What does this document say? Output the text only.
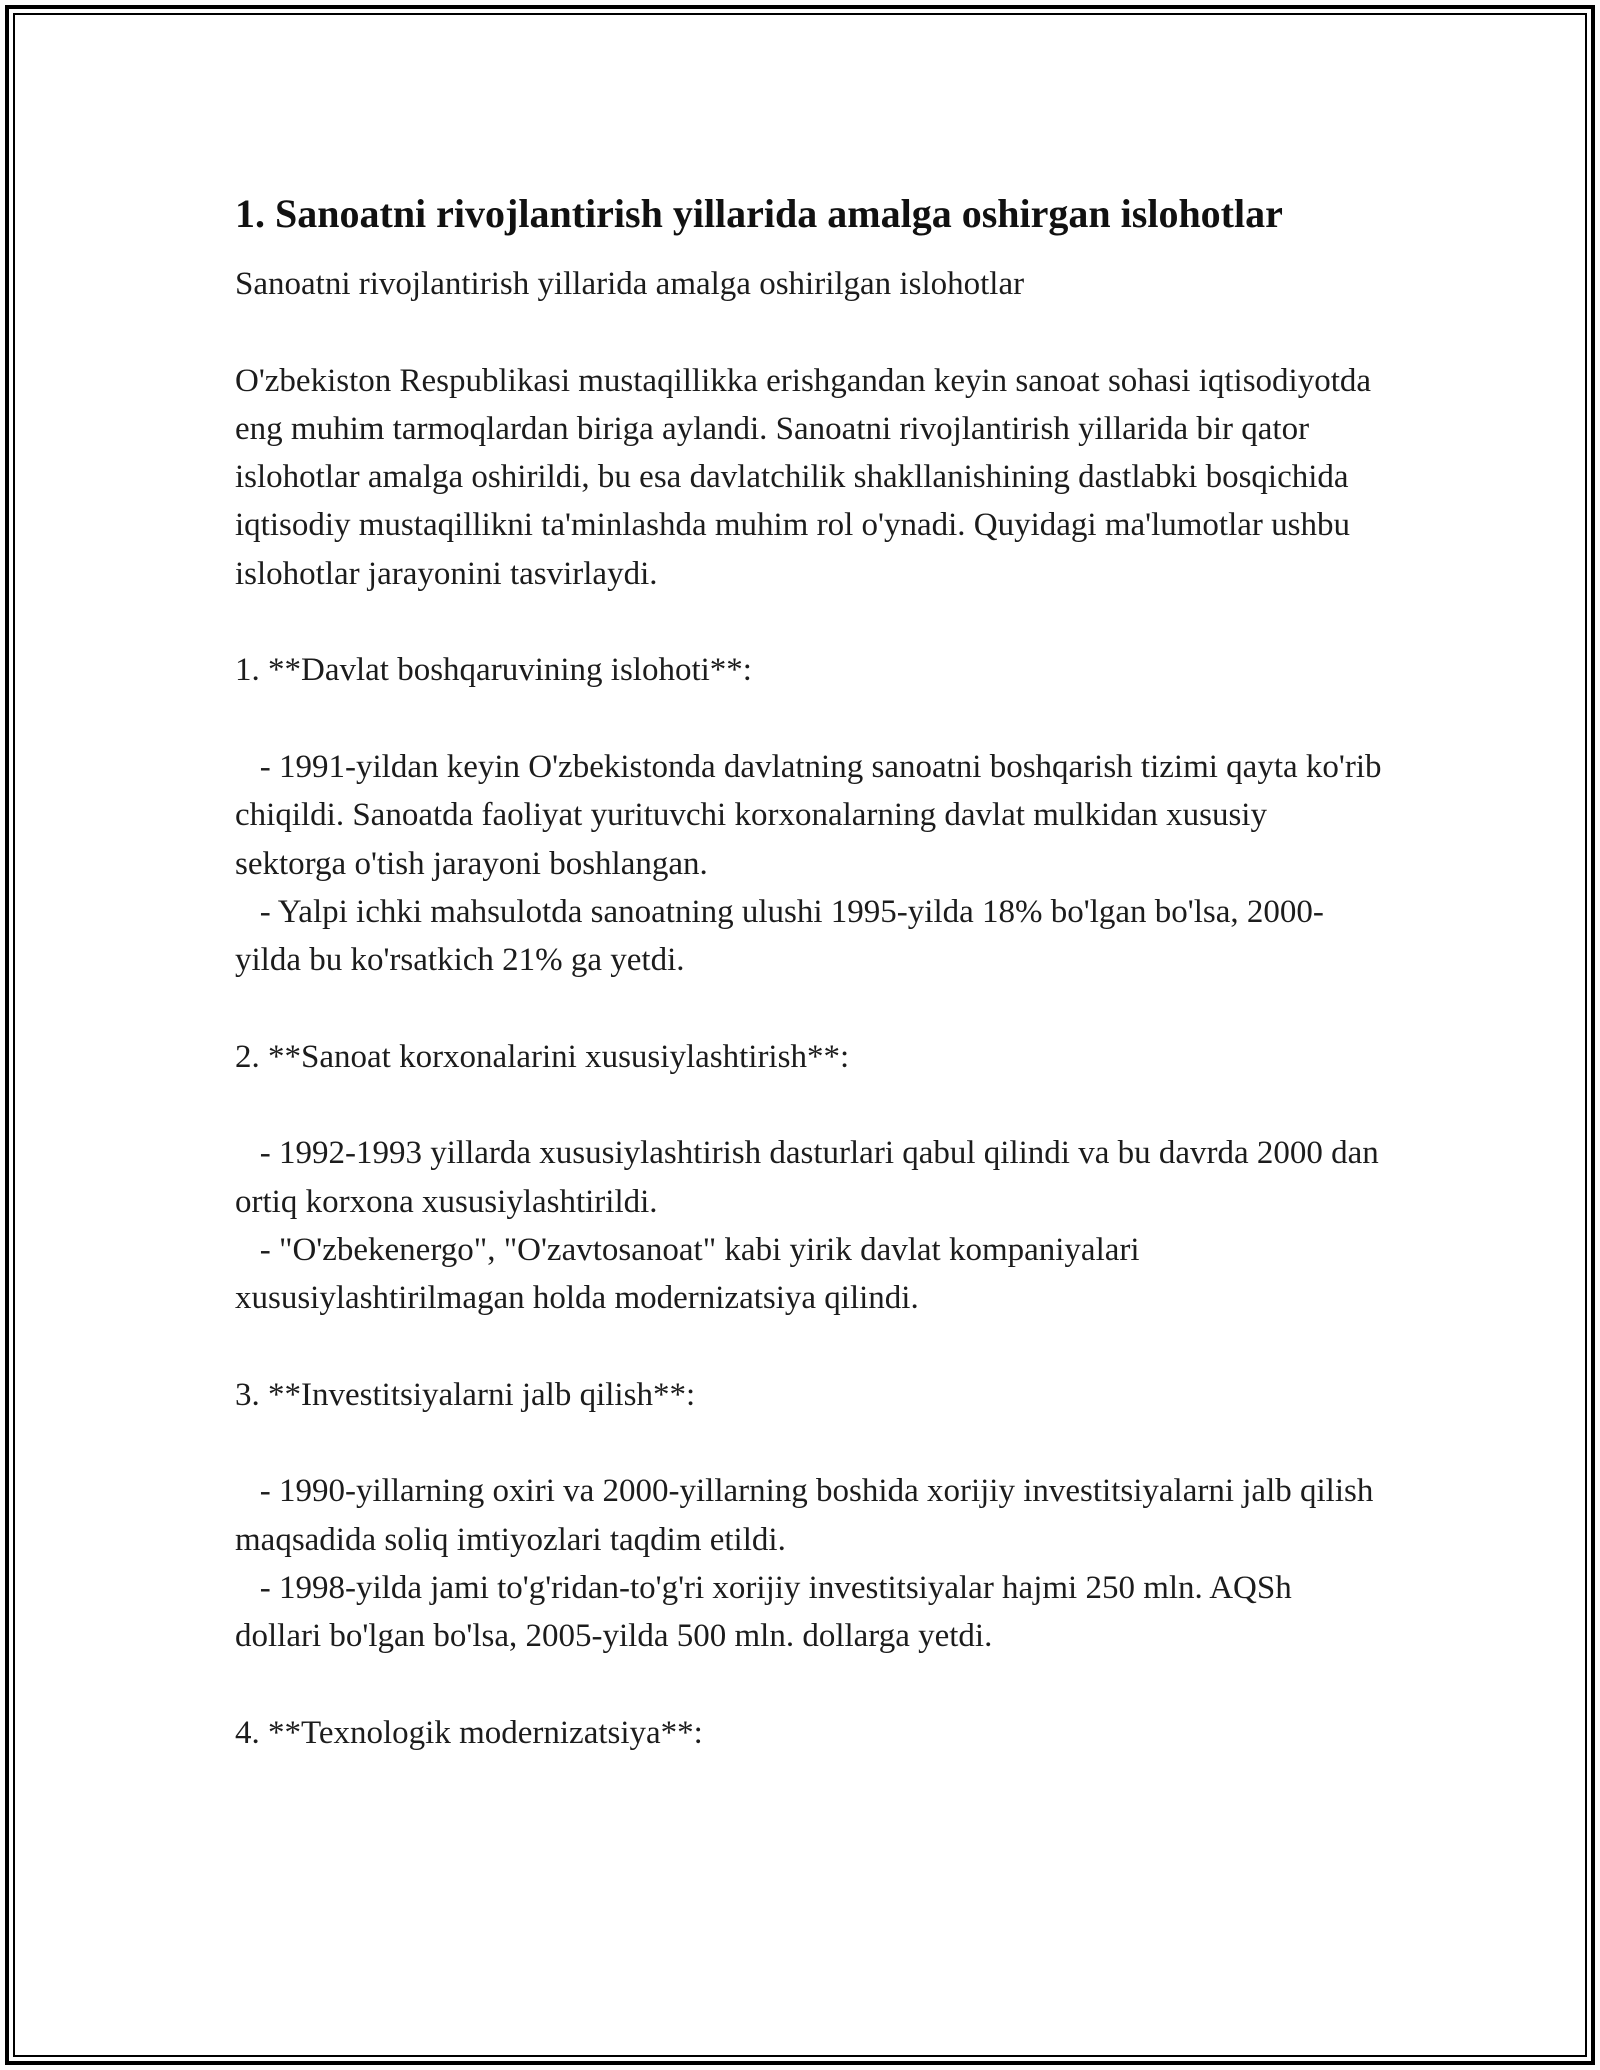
1. Sanoatni rivojlantirish yillarida amalga oshirgan islohotlar

Sanoatni rivojlantirish yillarida amalga oshirilgan islohotlar

O'zbekiston Respublikasi mustaqillikka erishgandan keyin sanoat sohasi iqtisodiyotda eng muhim tarmoqlardan biriga aylandi. Sanoatni rivojlantirish yillarida bir qator islohotlar amalga oshirildi, bu esa davlatchilik shakllanishining dastlabki bosqichida iqtisodiy mustaqillikni ta'minlashda muhim rol o'ynadi. Quyidagi ma'lumotlar ushbu islohotlar jarayonini tasvirlaydi.

1. **Davlat boshqaruvining islohoti**:

- 1991-yildan keyin O'zbekistonda davlatning sanoatni boshqarish tizimi qayta ko'rib chiqildi. Sanoatda faoliyat yurituvchi korxonalarning davlat mulkidan xususiy sektorga o'tish jarayoni boshlangan.

- Yalpi ichki mahsulotda sanoatning ulushi 1995-yilda 18% bo'lgan bo'lsa, 2000-yilda bu ko'rsatkich 21% ga yetdi.

2. **Sanoat korxonalarini xususiylashtirish**:

- 1992-1993 yillarda xususiylashtirish dasturlari qabul qilindi va bu davrda 2000 dan ortiq korxona xususiylashtirildi.

- "O'zbekenergo", "O'zavtosanoat" kabi yirik davlat kompaniyalari xususiylashtirilmagan holda modernizatsiya qilindi.

3. **Investitsiyalarni jalb qilish**:

- 1990-yillarning oxiri va 2000-yillarning boshida xorijiy investitsiyalarni jalb qilish maqsadida soliq imtiyozlari taqdim etildi.

- 1998-yilda jami to'g'ridan-to'g'ri xorijiy investitsiyalar hajmi 250 mln. AQSh dollari bo'lgan bo'lsa, 2005-yilda 500 mln. dollarga yetdi.

4. **Texnologik modernizatsiya**:
